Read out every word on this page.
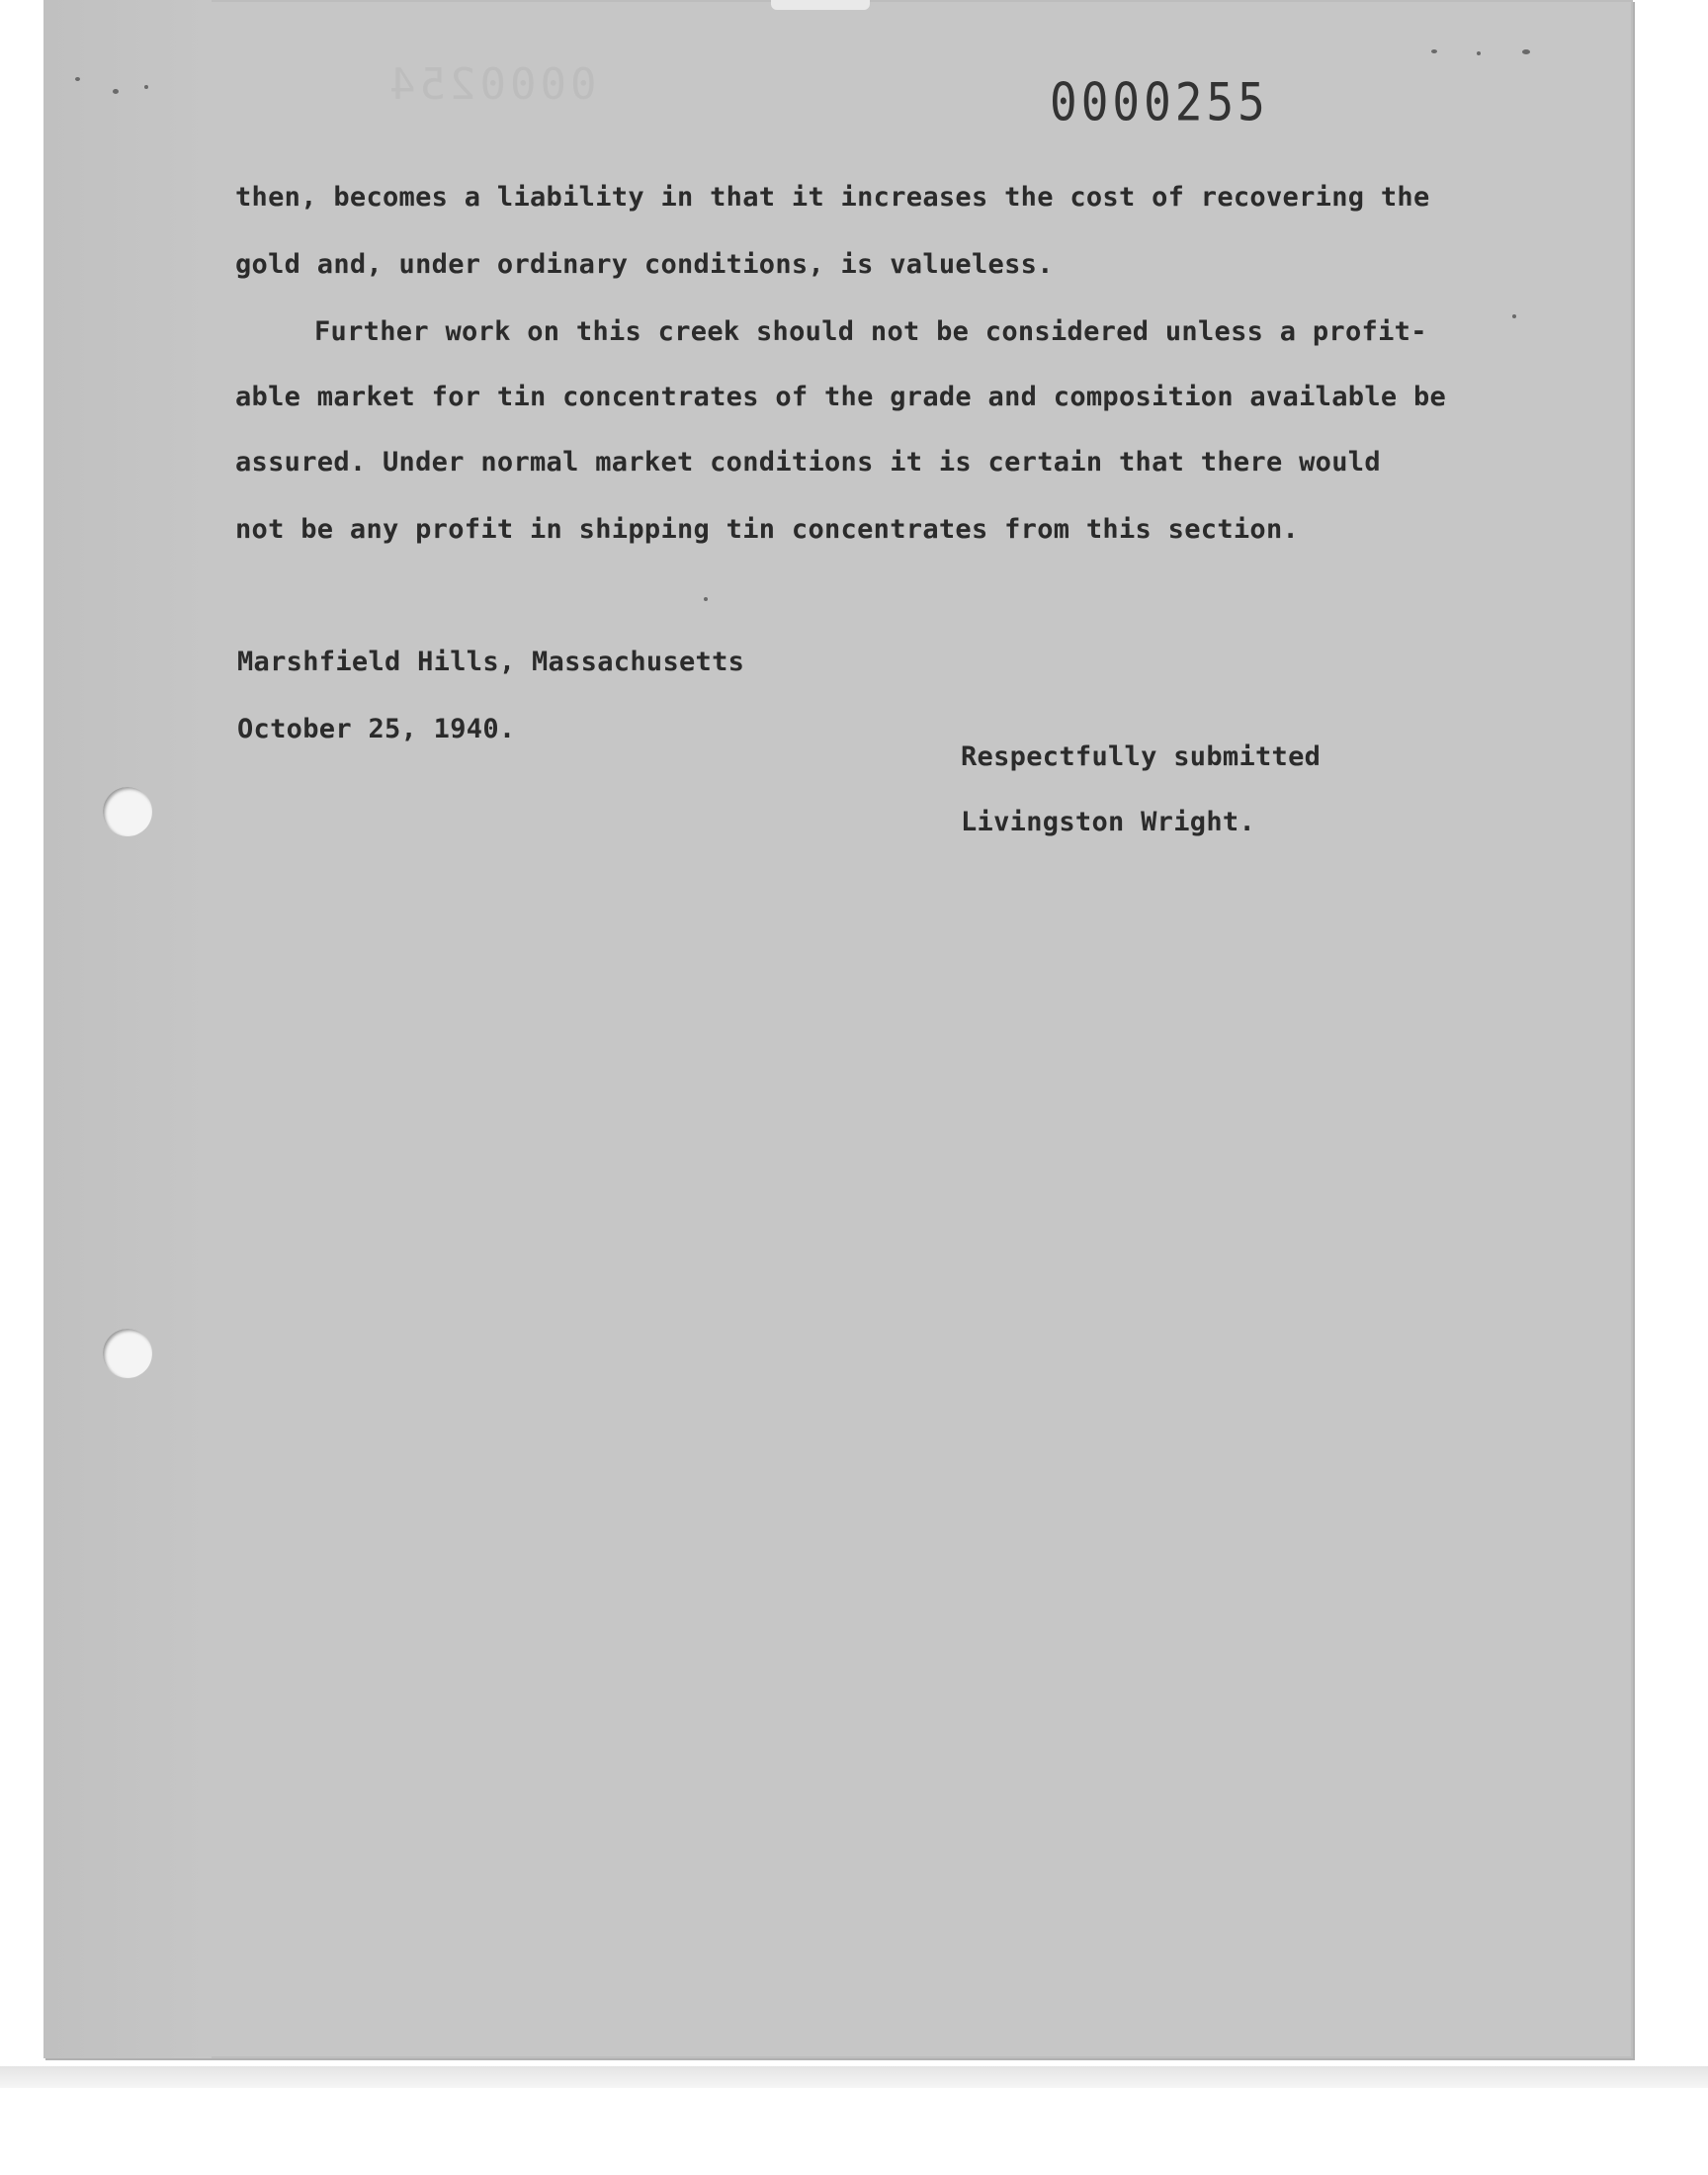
0000254	0000255
then, becomes a liability in that it increases the cost of recovering the
gold and, under ordinary conditions, is valueless.
Further work on this creek should not be considered unless a profit-
able market for tin concentrates of the grade and composition available be
assured. Under normal market conditions it is certain that there would
not be any profit in shipping tin concentrates from this section.
Marshfield Hills, Massachusetts
October 25, 1940.
Respectfully submitted
Livingston Wright.
